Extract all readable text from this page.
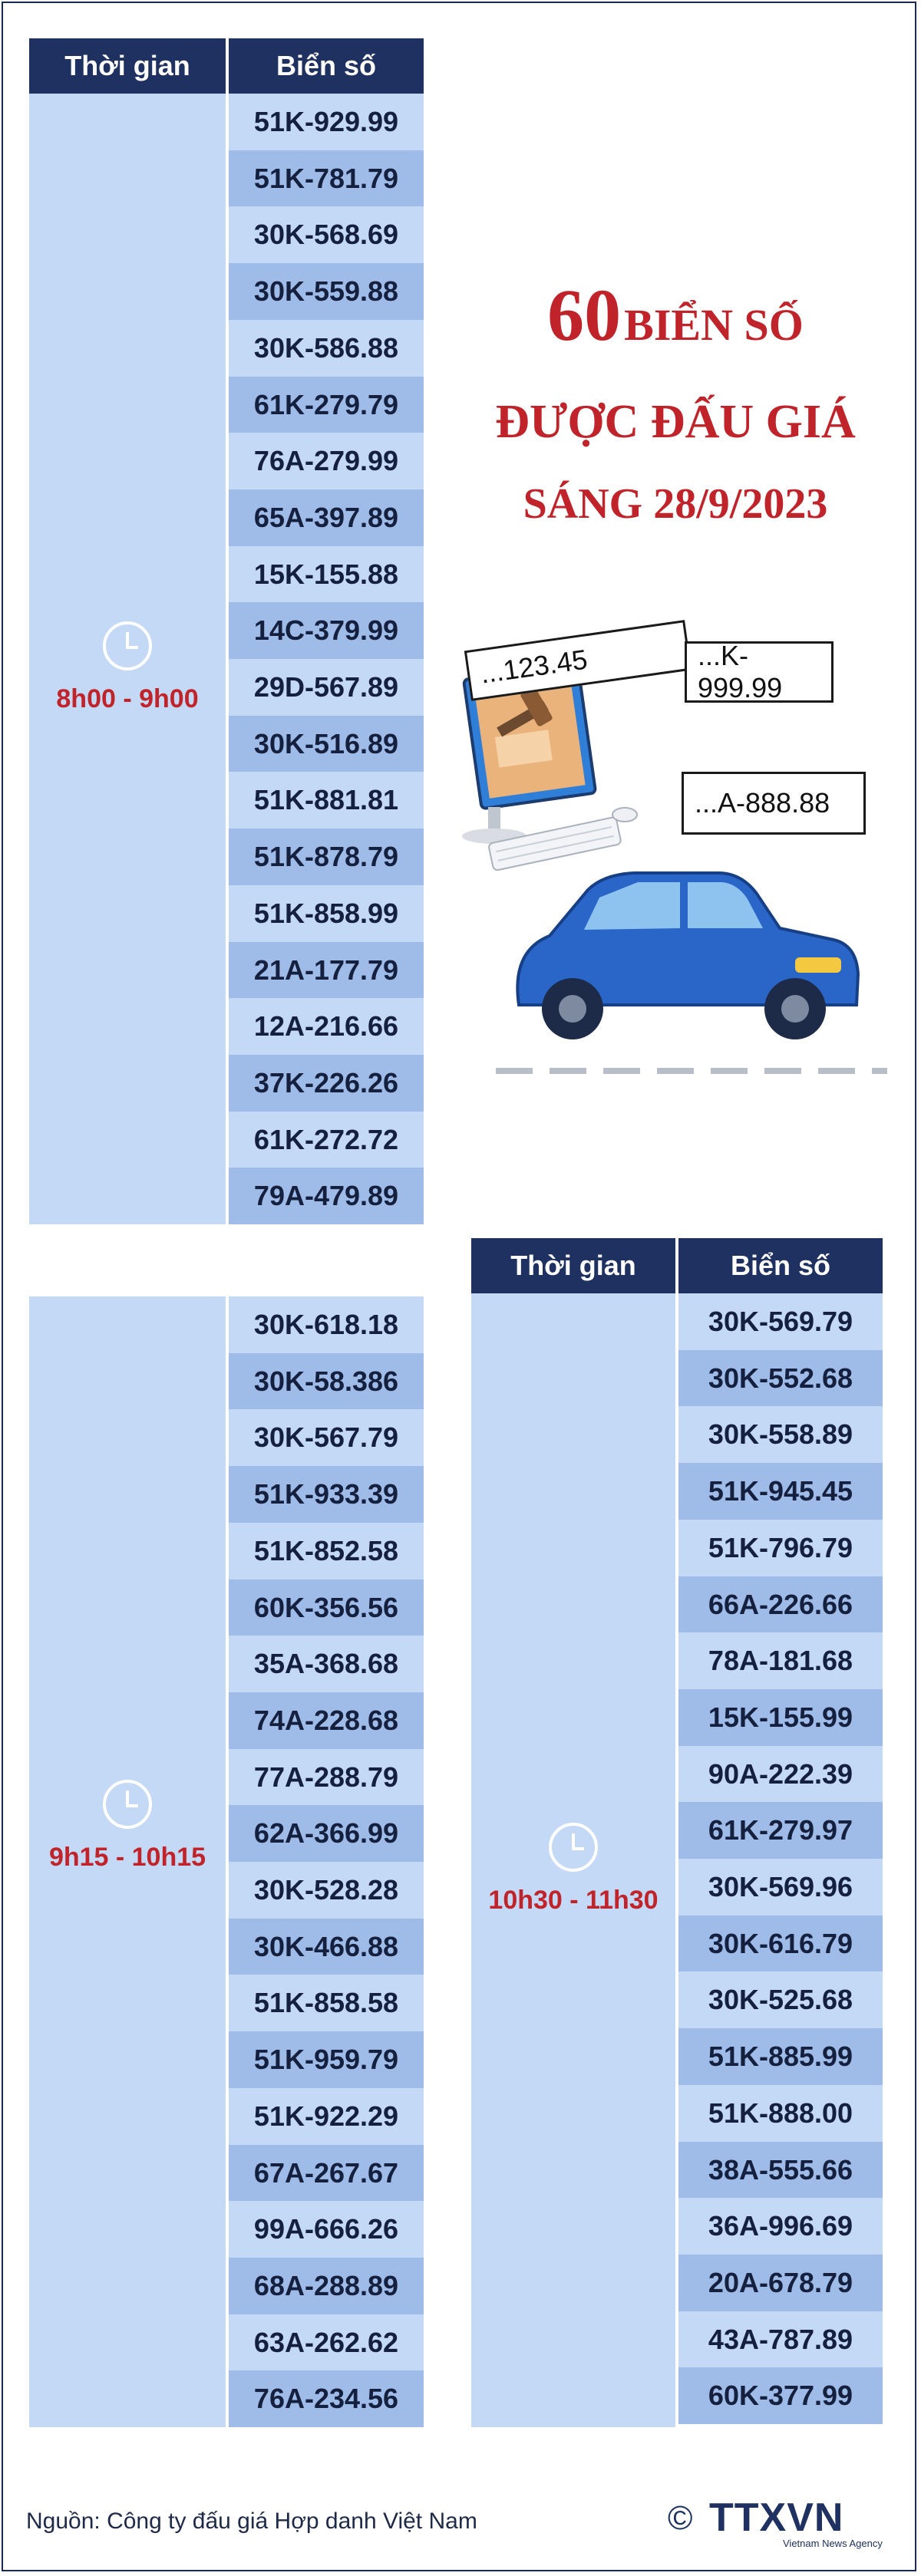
Thời gian	Biển số
8h00 - 9h00
51K-929.99
51K-781.79
30K-568.69
30K-559.88
30K-586.88
61K-279.79
76A-279.99
65A-397.89
15K-155.88
14C-379.99
29D-567.89
30K-516.89
51K-881.81
51K-878.79
51K-858.99
21A-177.79
12A-216.66
37K-226.26
61K-272.72
79A-479.89
9h15 - 10h15
30K-618.18
30K-58.386
30K-567.79
51K-933.39
51K-852.58
60K-356.56
35A-368.68
74A-228.68
77A-288.79
62A-366.99
30K-528.28
30K-466.88
51K-858.58
51K-959.79
51K-922.29
67A-267.67
99A-666.26
68A-288.89
63A-262.62
76A-234.56
Thời gian	Biển số
10h30 - 11h30
30K-569.79
30K-552.68
30K-558.89
51K-945.45
51K-796.79
66A-226.66
78A-181.68
15K-155.99
90A-222.39
61K-279.97
30K-569.96
30K-616.79
30K-525.68
51K-885.99
51K-888.00
38A-555.66
36A-996.69
20A-678.79
43A-787.89
60K-377.99
60 BIỂN SỐ
ĐƯỢC ĐẤU GIÁ
SÁNG 28/9/2023
...123.45	...K-999.99
...A-888.88
Nguồn: Công ty đấu giá Hợp danh Việt Nam	© TTXVN
Vietnam News Agency
